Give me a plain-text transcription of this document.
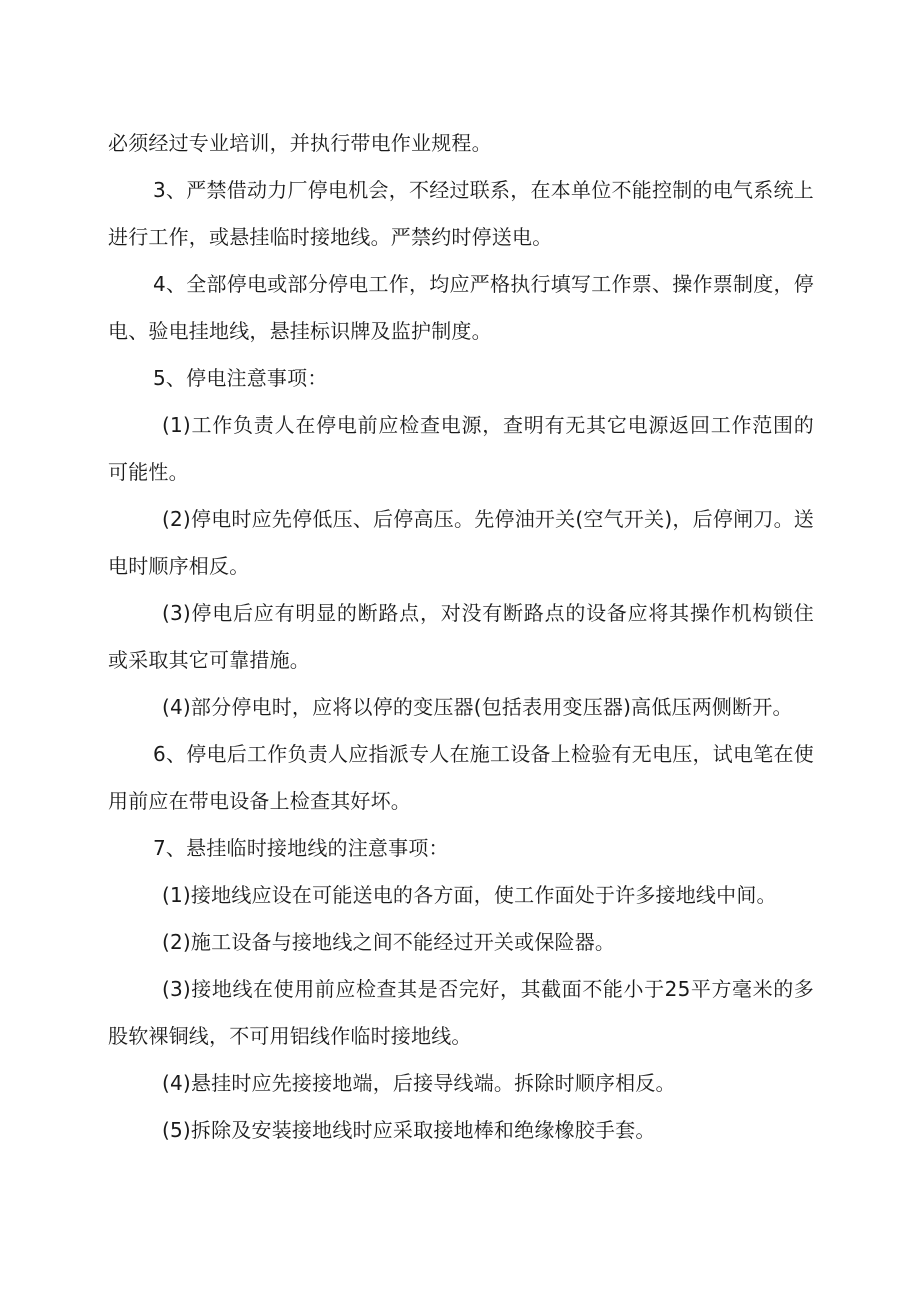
必须经过专业培训，并执行带电作业规程。

3、严禁借动力厂停电机会，不经过联系，在本单位不能控制的电气系统上进行工作，或悬挂临时接地线。严禁约时停送电。

4、全部停电或部分停电工作，均应严格执行填写工作票、操作票制度，停电、验电挂地线，悬挂标识牌及监护制度。

5、停电注意事项：

(1)工作负责人在停电前应检查电源，查明有无其它电源返回工作范围的可能性。

(2)停电时应先停低压、后停高压。先停油开关(空气开关)，后停闸刀。送电时顺序相反。

(3)停电后应有明显的断路点，对没有断路点的设备应将其操作机构锁住或采取其它可靠措施。

(4)部分停电时，应将以停的变压器(包括表用变压器)高低压两侧断开。

6、停电后工作负责人应指派专人在施工设备上检验有无电压，试电笔在使用前应在带电设备上检查其好坏。

7、悬挂临时接地线的注意事项：

(1)接地线应设在可能送电的各方面，使工作面处于许多接地线中间。

(2)施工设备与接地线之间不能经过开关或保险器。

(3)接地线在使用前应检查其是否完好，其截面不能小于25平方毫米的多股软裸铜线，不可用铝线作临时接地线。

(4)悬挂时应先接接地端，后接导线端。拆除时顺序相反。

(5)拆除及安装接地线时应采取接地棒和绝缘橡胶手套。
